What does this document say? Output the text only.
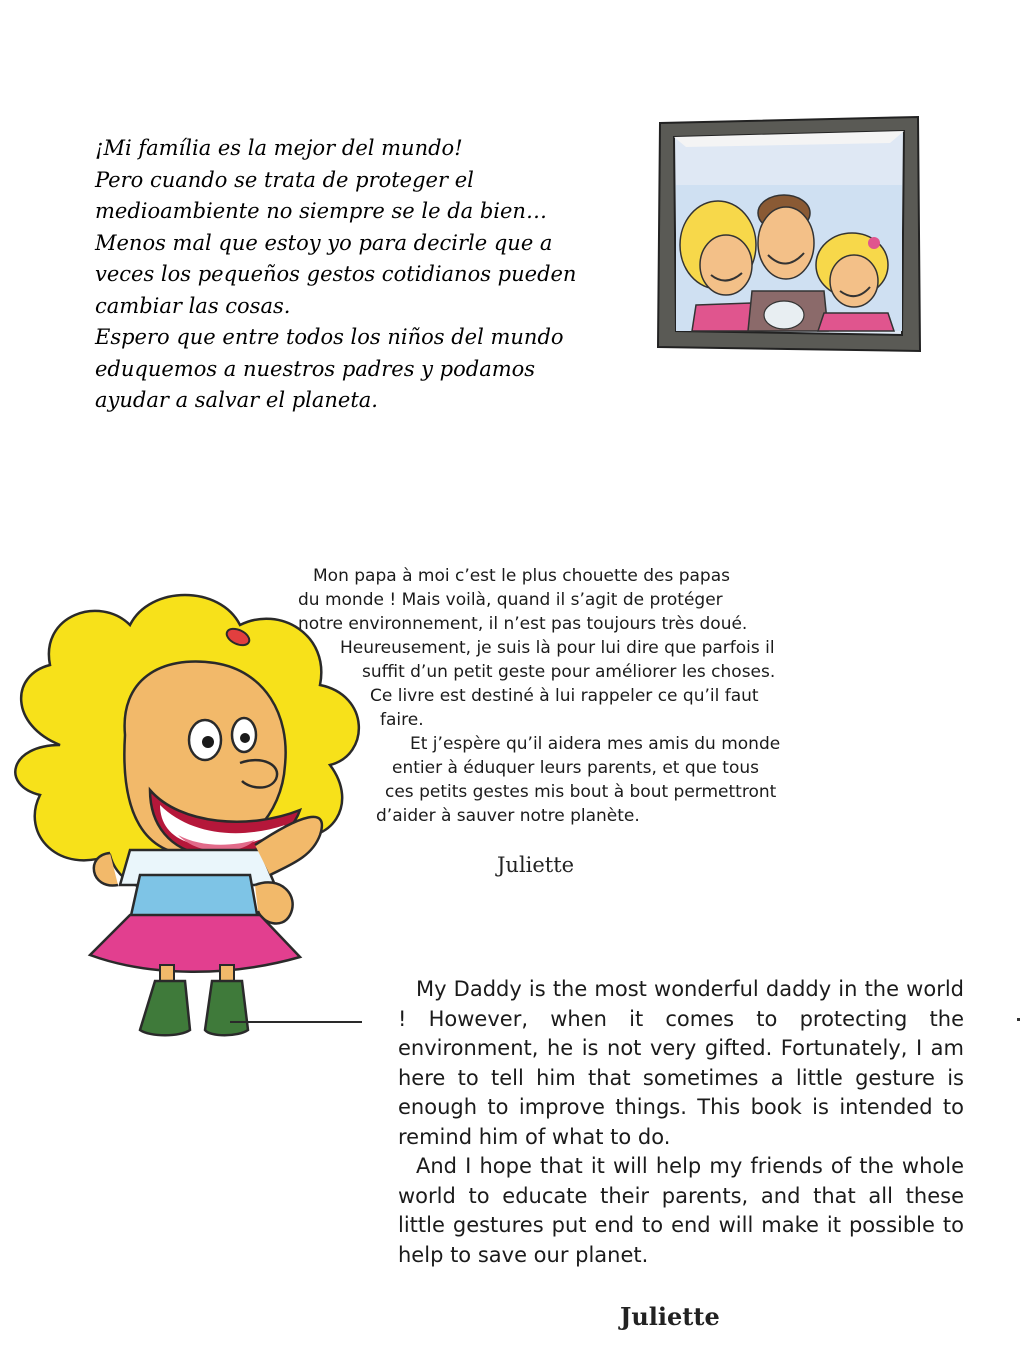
¡Mi família es la mejor del mundo!
Pero cuando se trata de proteger el
medioambiente no siempre se le da bien…
Menos mal que estoy yo para decirle que a
veces los pequeños gestos cotidianos pueden
cambiar las cosas.
Espero que entre todos los niños del mundo
eduquemos a nuestros padres y podamos
ayudar a salvar el planeta.
Mon papa à moi c’est le plus chouette des papas
du monde ! Mais voilà, quand il s’agit de protéger
notre environnement, il n’est pas toujours très doué.
Heureusement, je suis là pour lui dire que parfois il
suffit d’un petit geste pour améliorer les choses.
Ce livre est destiné à lui rappeler ce qu’il faut
faire.
Et j’espère qu’il aidera mes amis du monde
entier à éduquer leurs parents, et que tous
ces petits gestes mis bout à bout permettront
d’aider à sauver notre planète.
Juliette

My Daddy is the most wonderful daddy in the world ! However, when it comes to protecting the environment, he is not very gifted. Fortunately, I am here to tell him that sometimes a little gesture is enough to improve things. This book is intended to remind him of what to do.

And I hope that it will help my friends of the whole world to educate their parents, and that all these little gestures put end to end will make it possible to help to save our planet.

Juliette
